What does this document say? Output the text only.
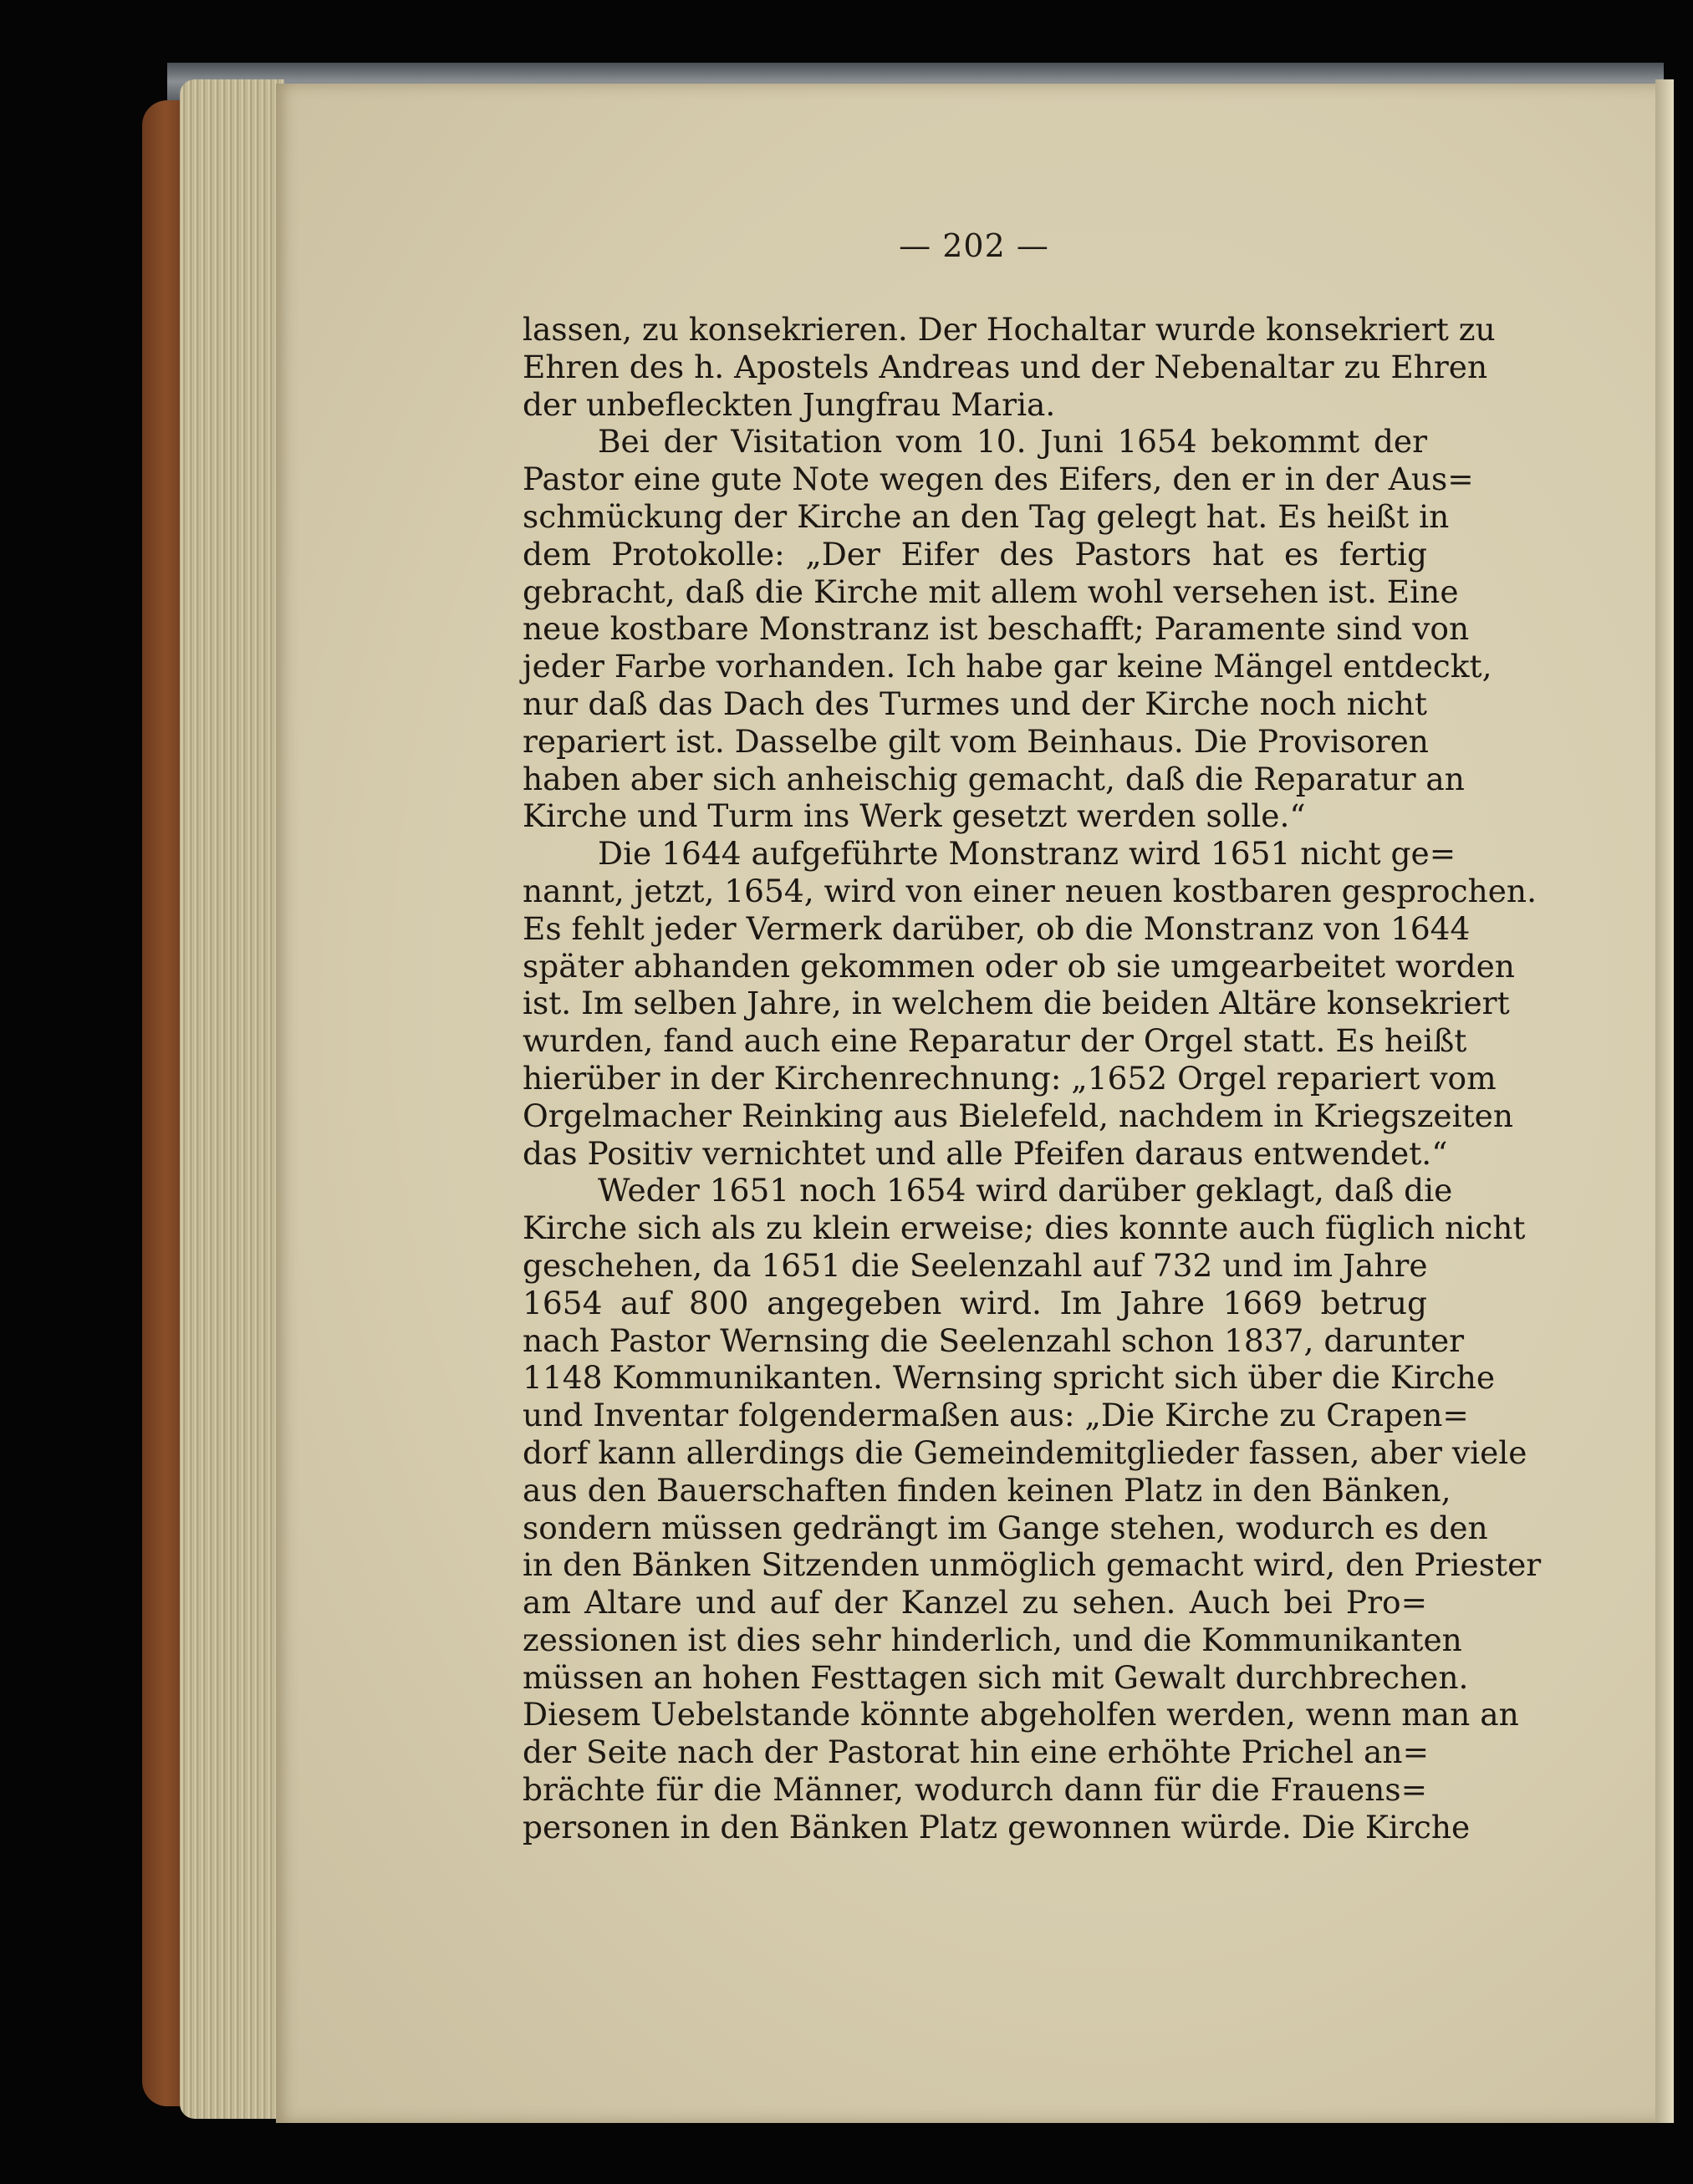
— 202 —
lassen, zu konsekrieren. Der Hochaltar wurde konsekriert zu
Ehren des h. Apostels Andreas und der Nebenaltar zu Ehren
der unbefleckten Jungfrau Maria.
Bei der Visitation vom 10. Juni 1654 bekommt der
Pastor eine gute Note wegen des Eifers, den er in der Aus=
schmückung der Kirche an den Tag gelegt hat. Es heißt in
dem Protokolle: „Der Eifer des Pastors hat es fertig
gebracht, daß die Kirche mit allem wohl versehen ist. Eine
neue kostbare Monstranz ist beschafft; Paramente sind von
jeder Farbe vorhanden. Ich habe gar keine Mängel entdeckt,
nur daß das Dach des Turmes und der Kirche noch nicht
repariert ist. Dasselbe gilt vom Beinhaus. Die Provisoren
haben aber sich anheischig gemacht, daß die Reparatur an
Kirche und Turm ins Werk gesetzt werden solle.“
Die 1644 aufgeführte Monstranz wird 1651 nicht ge=
nannt, jetzt, 1654, wird von einer neuen kostbaren gesprochen.
Es fehlt jeder Vermerk darüber, ob die Monstranz von 1644
später abhanden gekommen oder ob sie umgearbeitet worden
ist. Im selben Jahre, in welchem die beiden Altäre konsekriert
wurden, fand auch eine Reparatur der Orgel statt. Es heißt
hierüber in der Kirchenrechnung: „1652 Orgel repariert vom
Orgelmacher Reinking aus Bielefeld, nachdem in Kriegszeiten
das Positiv vernichtet und alle Pfeifen daraus entwendet.“
Weder 1651 noch 1654 wird darüber geklagt, daß die
Kirche sich als zu klein erweise; dies konnte auch füglich nicht
geschehen, da 1651 die Seelenzahl auf 732 und im Jahre
1654 auf 800 angegeben wird. Im Jahre 1669 betrug
nach Pastor Wernsing die Seelenzahl schon 1837, darunter
1148 Kommunikanten. Wernsing spricht sich über die Kirche
und Inventar folgendermaßen aus: „Die Kirche zu Crapen=
dorf kann allerdings die Gemeindemitglieder fassen, aber viele
aus den Bauerschaften finden keinen Platz in den Bänken,
sondern müssen gedrängt im Gange stehen, wodurch es den
in den Bänken Sitzenden unmöglich gemacht wird, den Priester
am Altare und auf der Kanzel zu sehen. Auch bei Pro=
zessionen ist dies sehr hinderlich, und die Kommunikanten
müssen an hohen Festtagen sich mit Gewalt durchbrechen.
Diesem Uebelstande könnte abgeholfen werden, wenn man an
der Seite nach der Pastorat hin eine erhöhte Prichel an=
brächte für die Männer, wodurch dann für die Frauens=
personen in den Bänken Platz gewonnen würde. Die Kirche
